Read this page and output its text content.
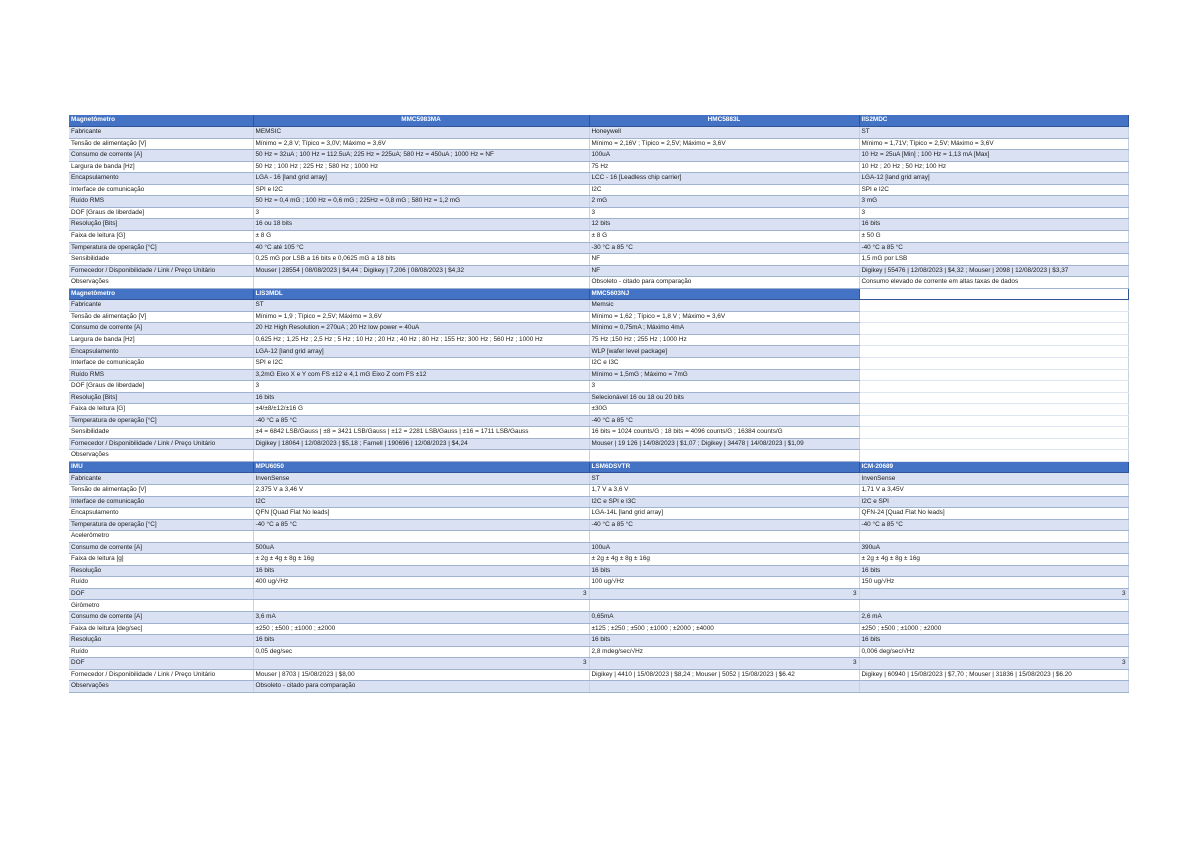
Magnetômetro	MMC5983MA	HMC5883L	IIS2MDC
Fabricante	MEMSIC	Honeywell	ST
Tensão de alimentação [V]	Mínimo = 2,8 V; Típico = 3,0V; Máximo = 3,6V	Mínimo = 2,16V ; Típico = 2,5V; Máximo = 3,6V	Mínimo = 1,71V; Típico = 2,5V; Máximo = 3,6V
Consumo de corrente [A]	50 Hz = 32uA ; 100 Hz = 112.5uA; 225 Hz = 225uA; 580 Hz = 450uA ; 1000 Hz = NF	100uA	10 Hz = 25uA [Min] ; 100 Hz = 1,13 mA [Max]
Largura de banda [Hz]	50 Hz ; 100 Hz ; 225 Hz ; 580 Hz ; 1000 Hz	75 Hz	10 Hz ; 20 Hz ; 50 Hz; 100 Hz
Encapsulamento	LGA - 16 [land grid array]	LCC - 16 [Leadless chip carrier]	LGA-12 [land grid array]
Interface de comunicação	SPI e I2C	I2C	SPI e I2C
Ruído RMS	50 Hz = 0,4 mG ; 100 Hz = 0,6 mG ; 225Hz = 0,8 mG ; 580 Hz = 1,2 mG	2 mG	3 mG
DOF [Graus de liberdade]	3	3	3
Resolução [Bits]	16 ou 18 bits	12 bits	16 bits
Faixa de leitura [G]	± 8 G	± 8 G	± 50 G
Temperatura de operação [°C]	40 °C até 105 °C	-30 °C a 85 °C	-40 °C a 85 °C
Sensibilidade	0,25 mG por LSB a 16 bits e 0,0625 mG a 18 bits	NF	1,5 mG por LSB
Fornecedor / Disponibilidade / Link / Preço Unitário	Mouser | 28554 | 08/08/2023 | $4,44 ; Digikey | 7,206 | 08/08/2023 | $4,32	NF	Digikey | 55476 | 12/08/2023 | $4,32 ; Mouser | 2098 | 12/08/2023 | $3,37
Observações		Obsoleto - citado para comparação	Consumo elevado de corrente em altas taxas de dados
Magnetômetro	LIS3MDL	MMC5603NJ	
Fabricante	ST	Memsic	
Tensão de alimentação [V]	Mínimo = 1,9 ; Típico = 2,5V; Máximo = 3,6V	Mínimo = 1,62 ; Típico = 1,8 V ; Máximo = 3,6V	
Consumo de corrente [A]	20 Hz High Resolution = 270uA ; 20 Hz low power = 40uA	Mínimo = 0,75mA ; Máximo 4mA	
Largura de banda [Hz]	0,625 Hz ; 1,25 Hz ; 2,5 Hz ; 5 Hz ; 10 Hz ; 20 Hz ; 40 Hz ; 80 Hz ; 155 Hz; 300 Hz ; 560 Hz ; 1000 Hz	75 Hz ;150 Hz ; 255 Hz ; 1000 Hz	
Encapsulamento	LGA-12 [land grid array]	WLP [wafer level package]	
Interface de comunicação	SPI e I2C	I2C e I3C	
Ruído RMS	3,2mG Eixo X e Y com FS ±12 e 4,1 mG Eixo Z com FS ±12	Mínimo = 1,5mG ; Máximo = 7mG	
DOF [Graus de liberdade]	3	3	
Resolução [Bits]	16 bits	Selecionável 16 ou 18 ou 20 bits	
Faixa de leitura [G]	±4/±8/±12/±16 G	±30G	
Temperatura de operação [°C]	-40 °C a 85 °C	-40 °C a 85 °C	
Sensibilidade	±4 = 6842 LSB/Gauss | ±8 = 3421 LSB/Gauss | ±12 = 2281 LSB/Gauss | ±16 = 1711 LSB/Gauss	16 bits = 1024 counts/G ; 18 bits = 4096 counts/G ; 16384 counts/G	
Fornecedor / Disponibilidade / Link / Preço Unitário	Digikey | 18064 | 12/08/2023 | $5,18 ; Farnell | 190696 | 12/08/2023 | $4,24	Mouser | 19 126 | 14/08/2023 | $1,07 ; Digikey | 34478 | 14/08/2023 | $1,09	
Observações			
IMU	MPU6050	LSM6DSVTR	ICM-20689
Fabricante	InvenSense	ST	InvenSense
Tensão de alimentação [V]	2,375 V a 3,46 V	1,7 V a 3,6 V	1,71 V a 3,45V
Interface de comunicação	I2C	I2C e SPI e I3C	I2C e SPI
Encapsulamento	QFN [Quad Flat No leads]	LGA-14L [land grid array]	QFN-24 [Quad Flat No leads]
Temperatura de operação [°C]	-40 °C a 85 °C	-40 °C a 85 °C	-40 °C a 85 °C
Acelerômetro			
Consumo de corrente [A]	500uA	100uA	390uA
Faixa de leitura [g]	± 2g ± 4g ± 8g ± 16g	± 2g ± 4g ± 8g ± 16g	± 2g ± 4g ± 8g ± 16g
Resolução	16 bits	16 bits	16 bits
Ruído	400 ug/√Hz	100 ug/√Hz	150 ug/√Hz
DOF	3	3	3
Girômetro			
Consumo de corrente [A]	3,6 mA	0,65mA	2,6 mA
Faixa de leitura [deg/sec]	±250 ; ±500 ; ±1000 ; ±2000	±125 ; ±250 ; ±500 ; ±1000 ; ±2000 ; ±4000	±250 ; ±500 ; ±1000 ; ±2000
Resolução	16 bits	16 bits	16 bits
Ruído	0,05 deg/sec	2,8 mdeg/sec/√Hz	0,006 deg/sec/√Hz
DOF	3	3	3
Fornecedor / Disponibilidade / Link / Preço Unitário	Mouser | 8703 | 15/08/2023 | $8,00	Digikey | 4410 | 15/08/2023 | $8,24 ; Mouser | 5052 | 15/08/2023 | $6.42	Digikey | 60940 | 15/08/2023 | $7,70 ; Mouser | 31836 | 15/08/2023 | $6.20
Observações	Obsoleto - citado para comparação		
